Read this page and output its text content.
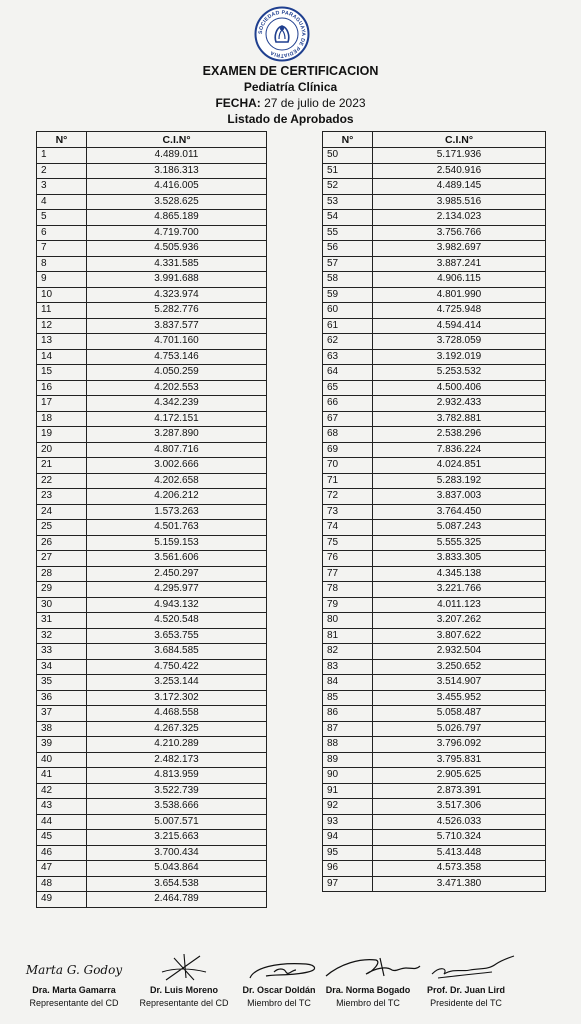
SOCIEDAD PARAGUAYA DE PEDIATRIA
EXAMEN DE CERTIFICACION
Pediatría Clínica
FECHA: 27 de julio de 2023
Listado de Aprobados
N°	C.I.N°
1	4.489.011
2	3.186.313
3	4.416.005
4	3.528.625
5	4.865.189
6	4.719.700
7	4.505.936
8	4.331.585
9	3.991.688
10	4.323.974
11	5.282.776
12	3.837.577
13	4.701.160
14	4.753.146
15	4.050.259
16	4.202.553
17	4.342.239
18	4.172.151
19	3.287.890
20	4.807.716
21	3.002.666
22	4.202.658
23	4.206.212
24	1.573.263
25	4.501.763
26	5.159.153
27	3.561.606
28	2.450.297
29	4.295.977
30	4.943.132
31	4.520.548
32	3.653.755
33	3.684.585
34	4.750.422
35	3.253.144
36	3.172.302
37	4.468.558
38	4.267.325
39	4.210.289
40	2.482.173
41	4.813.959
42	3.522.739
43	3.538.666
44	5.007.571
45	3.215.663
46	3.700.434
47	5.043.864
48	3.654.538
49	2.464.789
N°	C.I.N°
50	5.171.936
51	2.540.916
52	4.489.145
53	3.985.516
54	2.134.023
55	3.756.766
56	3.982.697
57	3.887.241
58	4.906.115
59	4.801.990
60	4.725.948
61	4.594.414
62	3.728.059
63	3.192.019
64	5.253.532
65	4.500.406
66	2.932.433
67	3.782.881
68	2.538.296
69	7.836.224
70	4.024.851
71	5.283.192
72	3.837.003
73	3.764.450
74	5.087.243
75	5.555.325
76	3.833.305
77	4.345.138
78	3.221.766
79	4.011.123
80	3.207.262
81	3.807.622
82	2.932.504
83	3.250.652
84	3.514.907
85	3.455.952
86	5.058.487
87	5.026.797
88	3.796.092
89	3.795.831
90	2.905.625
91	2.873.391
92	3.517.306
93	4.526.033
94	5.710.324
95	5.413.448
96	4.573.358
97	3.471.380
Marta G. Godoy
Dra. Marta Gamarra
Representante del CD
Dr. Luis Moreno
Representante del CD
Dr. Oscar Doldán
Miembro del TC
Dra. Norma Bogado
Miembro del TC
Prof. Dr. Juan Lird
Presidente del TC
